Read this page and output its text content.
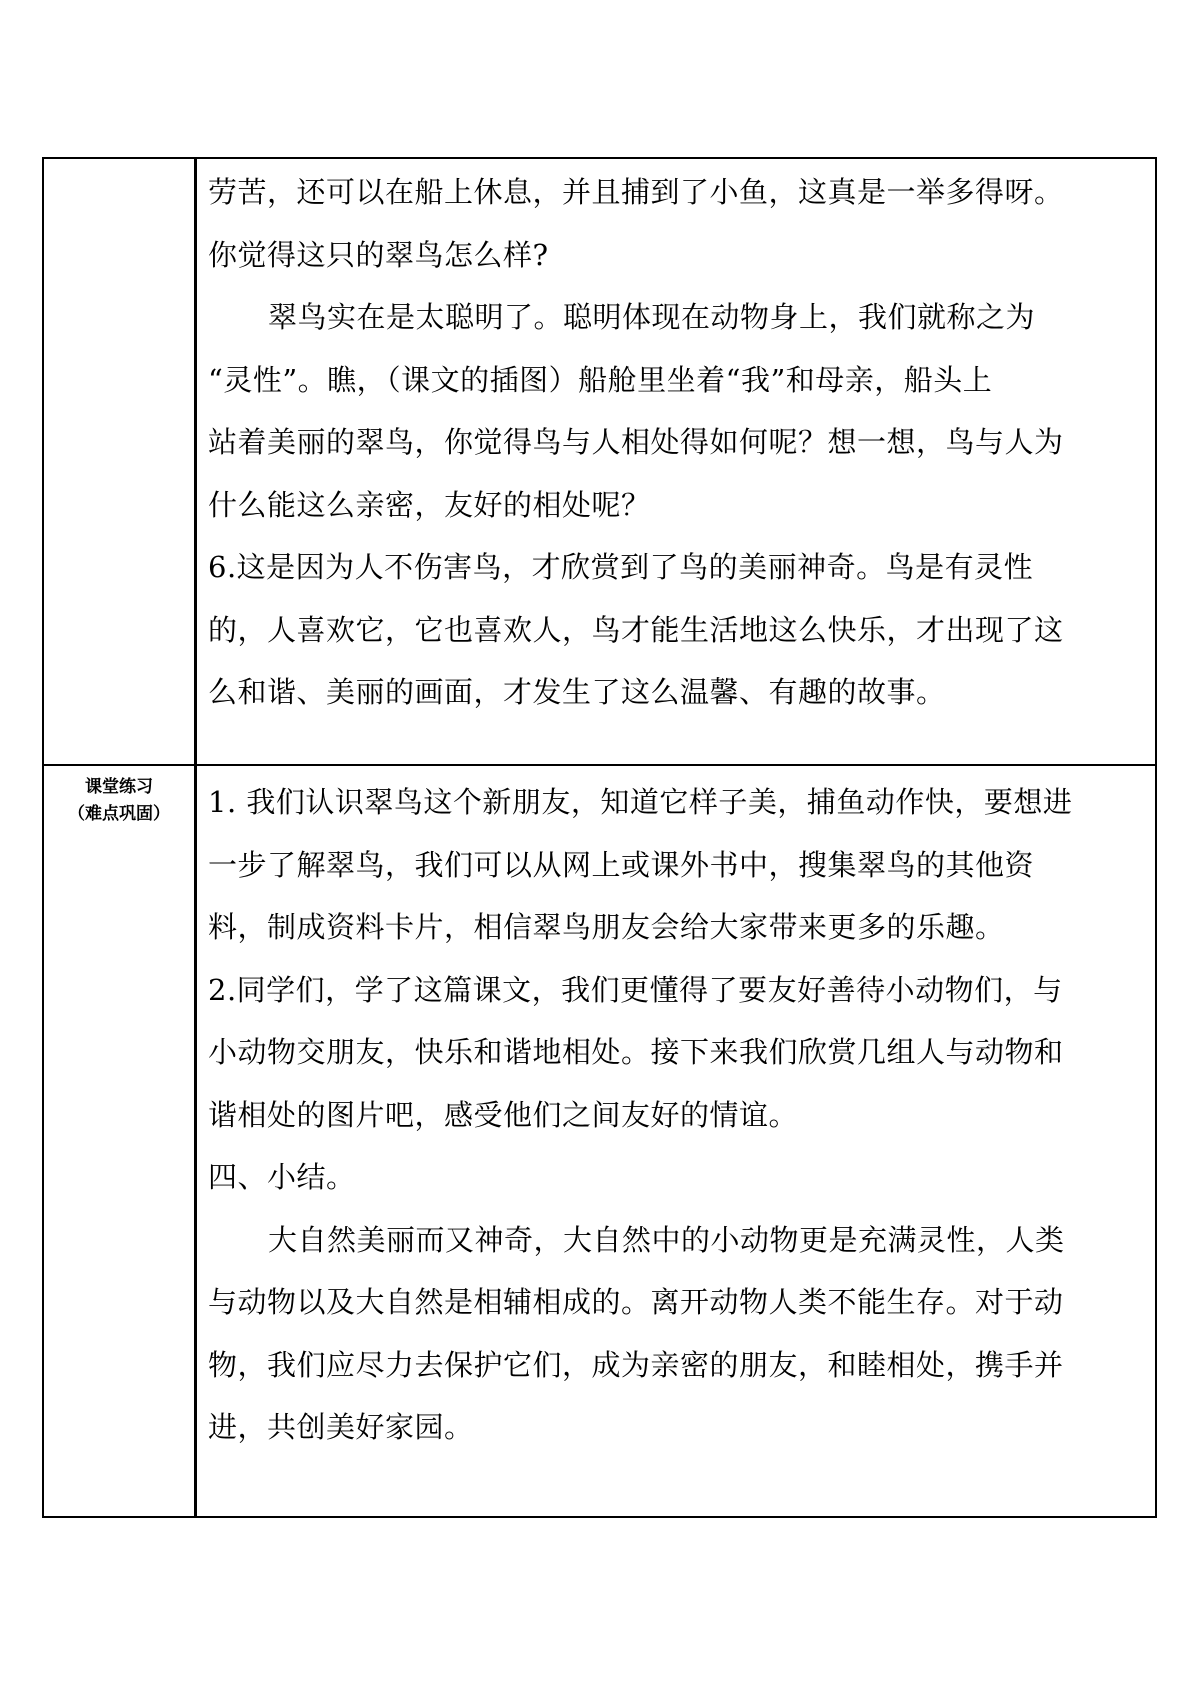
课堂练习
（难点巩固）

劳苦，还可以在船上休息，并且捕到了小鱼，这真是一举多得呀。

你觉得这只的翠鸟怎么样?

翠鸟实在是太聪明了。聪明体现在动物身上，我们就称之为

“灵性”。瞧，（课文的插图）船舱里坐着“我”和母亲，船头上

站着美丽的翠鸟，你觉得鸟与人相处得如何呢？想一想，鸟与人为

什么能这么亲密，友好的相处呢？

6.这是因为人不伤害鸟，才欣赏到了鸟的美丽神奇。鸟是有灵性

的，人喜欢它，它也喜欢人，鸟才能生活地这么快乐，才出现了这

么和谐、美丽的画面，才发生了这么温馨、有趣的故事。

1. 我们认识翠鸟这个新朋友，知道它样子美，捕鱼动作快，要想进

一步了解翠鸟，我们可以从网上或课外书中，搜集翠鸟的其他资

料，制成资料卡片，相信翠鸟朋友会给大家带来更多的乐趣。

2.同学们，学了这篇课文，我们更懂得了要友好善待小动物们，与

小动物交朋友，快乐和谐地相处。接下来我们欣赏几组人与动物和

谐相处的图片吧，感受他们之间友好的情谊。

四、小结。

大自然美丽而又神奇，大自然中的小动物更是充满灵性，人类

与动物以及大自然是相辅相成的。离开动物人类不能生存。对于动

物，我们应尽力去保护它们，成为亲密的朋友，和睦相处，携手并

进，共创美好家园。
